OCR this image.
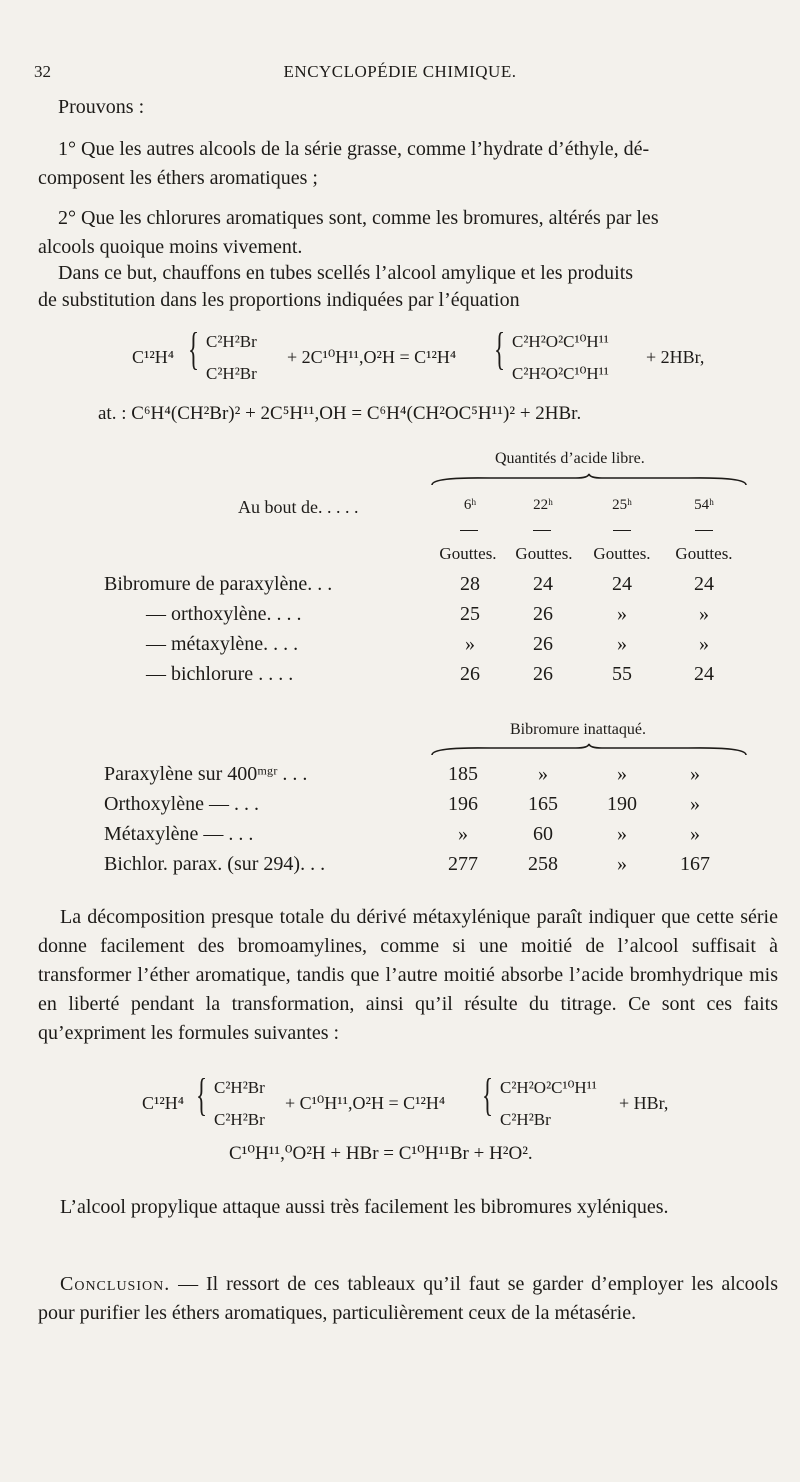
32	ENCYCLOPÉDIE CHIMIQUE.
Prouvons :
1° Que les autres alcools de la série grasse, comme l’hydrate d’éthyle, dé-
composent les éthers aromatiques ;
2° Que les chlorures aromatiques sont, comme les bromures, altérés par les
alcools quoique moins vivement.
Dans ce but, chauffons en tubes scellés l’alcool amylique et les produits
de substitution dans les proportions indiquées par l’équation
C¹²H⁴ { C²H²Br
C²H²Br
+ 2C¹⁰H¹¹,O²H = C¹²H⁴ { C²H²O²C¹⁰H¹¹
C²H²O²C¹⁰H¹¹
+ 2HBr,
at. : C⁶H⁴(CH²Br)² + 2C⁵H¹¹,OH = C⁶H⁴(CH²OC⁵H¹¹)² + 2HBr.
Quantités d’acide libre.
Au bout de. . . . .	6ʰ	22ʰ	25ʰ	54ʰ
Gouttes.	Gouttes.	Gouttes.	Gouttes.
Bibromure de paraxylène. . .	28	24	24	24
— orthoxylène. . . .	25	26	»	»
— métaxylène. . . .	»	26	»	»
— bichlorure . . . .	26	26	55	24
Bibromure inattaqué.
Paraxylène sur 400ᵐᵍʳ . . .	185	»	»	»
Orthoxylène — . . .	196	165	190	»
Métaxylène — . . .	»	60	»	»
Bichlor. parax. (sur 294). . .	277	258	»	167
La décomposition presque totale du dérivé métaxylénique paraît indiquer que cette série donne facilement des bromoamylines, comme si une moitié de l’alcool suffisait à transformer l’éther aromatique, tandis que l’autre moitié absorbe l’acide bromhydrique mis en liberté pendant la transformation, ainsi qu’il résulte du titrage. Ce sont ces faits qu’expriment les formules suivantes :
C¹²H⁴ { C²H²Br
C²H²Br
+ C¹⁰H¹¹,O²H = C¹²H⁴ { C²H²O²C¹⁰H¹¹
C²H²Br
+ HBr,
C¹⁰H¹¹,⁰O²H + HBr = C¹⁰H¹¹Br + H²O².
L’alcool propylique attaque aussi très facilement les bibromures xyléniques.
Conclusion. — Il ressort de ces tableaux qu’il faut se garder d’employer les alcools pour purifier les éthers aromatiques, particulièrement ceux de la métasérie.
